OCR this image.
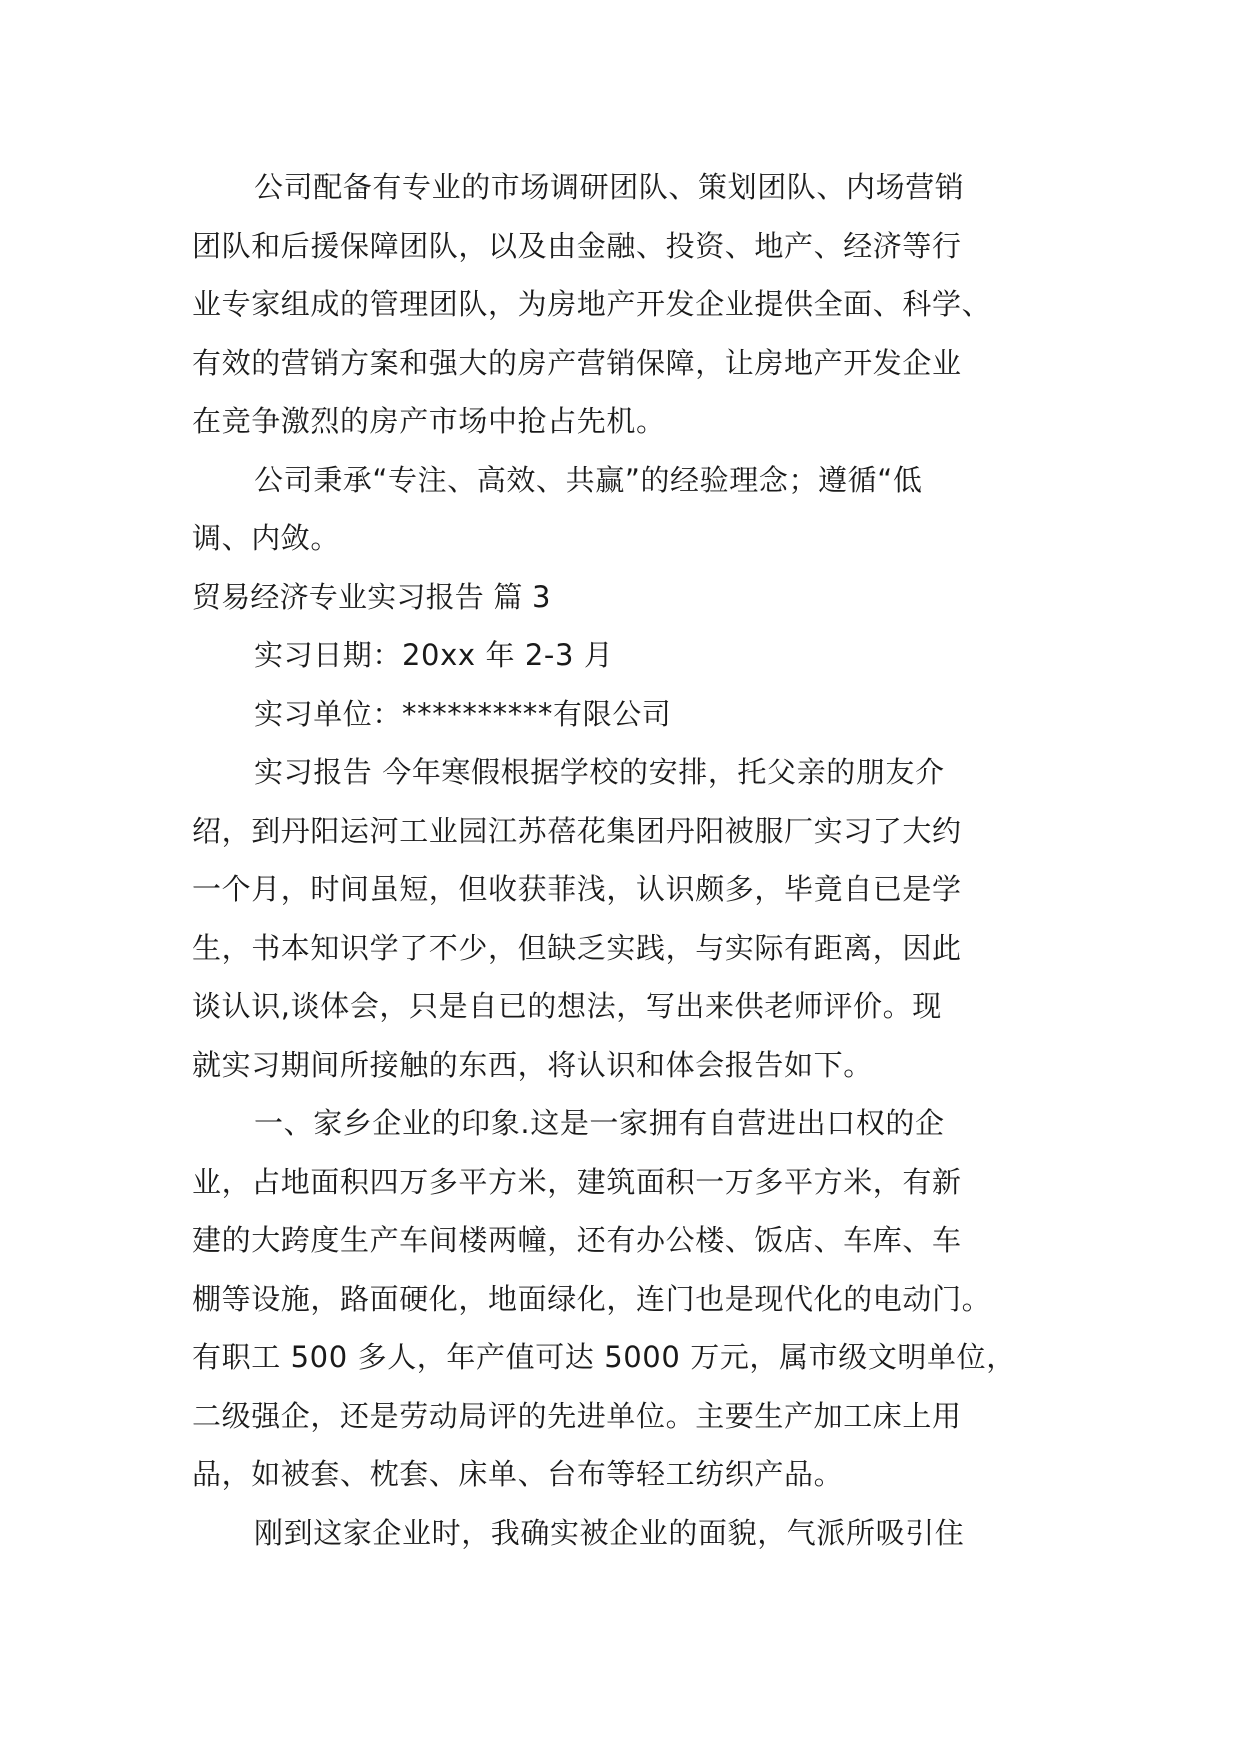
公司配备有专业的市场调研团队、策划团队、内场营销
团队和后援保障团队，以及由金融、投资、地产、经济等行
业专家组成的管理团队，为房地产开发企业提供全面、科学、
有效的营销方案和强大的房产营销保障，让房地产开发企业
在竞争激烈的房产市场中抢占先机。
公司秉承“专注、高效、共赢”的经验理念；遵循“低
调、内敛。
贸易经济专业实习报告 篇 3
实习日期：20xx 年 2-3 月
实习单位：**********有限公司
实习报告 今年寒假根据学校的安排，托父亲的朋友介
绍，到丹阳运河工业园江苏蓓花集团丹阳被服厂实习了大约
一个月，时间虽短，但收获菲浅，认识颇多，毕竟自已是学
生，书本知识学了不少，但缺乏实践，与实际有距离，因此
谈认识,谈体会，只是自已的想法，写出来供老师评价。现
就实习期间所接触的东西，将认识和体会报告如下。
一、家乡企业的印象.这是一家拥有自营进出口权的企
业，占地面积四万多平方米，建筑面积一万多平方米，有新
建的大跨度生产车间楼两幢，还有办公楼、饭店、车库、车
棚等设施，路面硬化，地面绿化，连门也是现代化的电动门。
有职工 500 多人，年产值可达 5000 万元，属市级文明单位，
二级强企，还是劳动局评的先进单位。主要生产加工床上用
品，如被套、枕套、床单、台布等轻工纺织产品。
刚到这家企业时，我确实被企业的面貌，气派所吸引住
